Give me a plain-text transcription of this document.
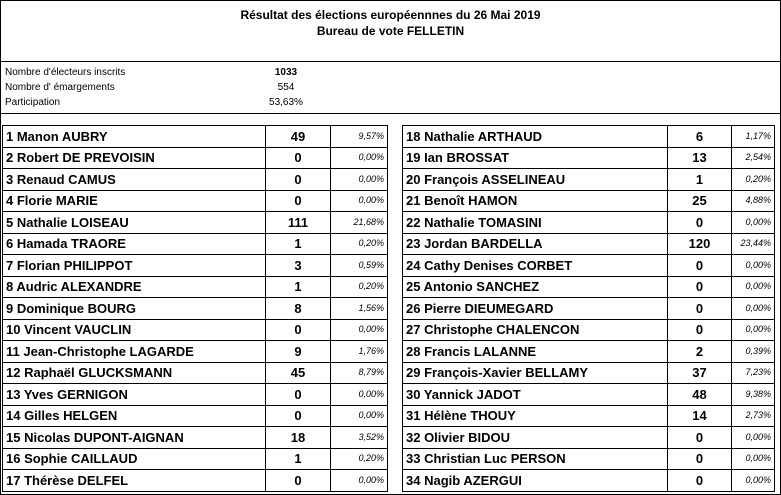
Résultat des élections européennnes du 26 Mai 2019
Bureau de vote FELLETIN
Nombre d'électeurs inscrits	1033
Nombre d' émargements	554
Participation	53,63%
1 Manon AUBRY	49	9,57%
2 Robert DE PREVOISIN	0	0,00%
3 Renaud CAMUS	0	0,00%
4 Florie MARIE	0	0,00%
5 Nathalie LOISEAU	111	21,68%
6 Hamada TRAORE	1	0,20%
7 Florian PHILIPPOT	3	0,59%
8 Audric ALEXANDRE	1	0,20%
9 Dominique BOURG	8	1,56%
10 Vincent VAUCLIN	0	0,00%
11 Jean-Christophe LAGARDE	9	1,76%
12 Raphaël GLUCKSMANN	45	8,79%
13 Yves GERNIGON	0	0,00%
14 Gilles HELGEN	0	0,00%
15 Nicolas DUPONT-AIGNAN	18	3,52%
16 Sophie CAILLAUD	1	0,20%
17 Thérèse DELFEL	0	0,00%
18 Nathalie ARTHAUD	6	1,17%
19 Ian BROSSAT	13	2,54%
20 François ASSELINEAU	1	0,20%
21 Benoît HAMON	25	4,88%
22 Nathalie TOMASINI	0	0,00%
23 Jordan BARDELLA	120	23,44%
24 Cathy Denises CORBET	0	0,00%
25 Antonio SANCHEZ	0	0,00%
26 Pierre DIEUMEGARD	0	0,00%
27 Christophe CHALENCON	0	0,00%
28 Francis LALANNE	2	0,39%
29 François-Xavier BELLAMY	37	7,23%
30 Yannick JADOT	48	9,38%
31 Hélène THOUY	14	2,73%
32 Olivier BIDOU	0	0,00%
33 Christian Luc PERSON	0	0,00%
34 Nagib AZERGUI	0	0,00%
